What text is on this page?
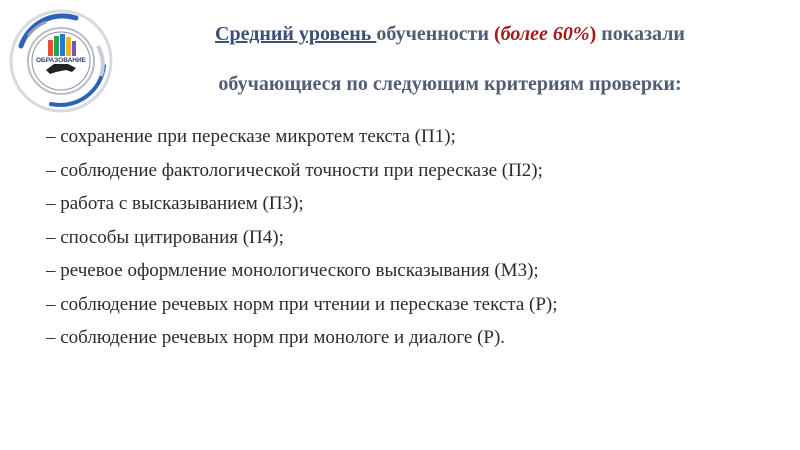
ОБРАЗОВАНИЕ
Средний уровень обученности (более 60%) показали
обучающиеся по следующим критериям проверки:
– сохранение при пересказе микротем текста (П1);
– соблюдение фактологической точности при пересказе (П2);
– работа с высказыванием (П3);
– способы цитирования (П4);
– речевое оформление монологического высказывания (М3);
– соблюдение речевых норм при чтении и пересказе текста (Р);
– соблюдение речевых норм при монологе и диалоге (Р).
